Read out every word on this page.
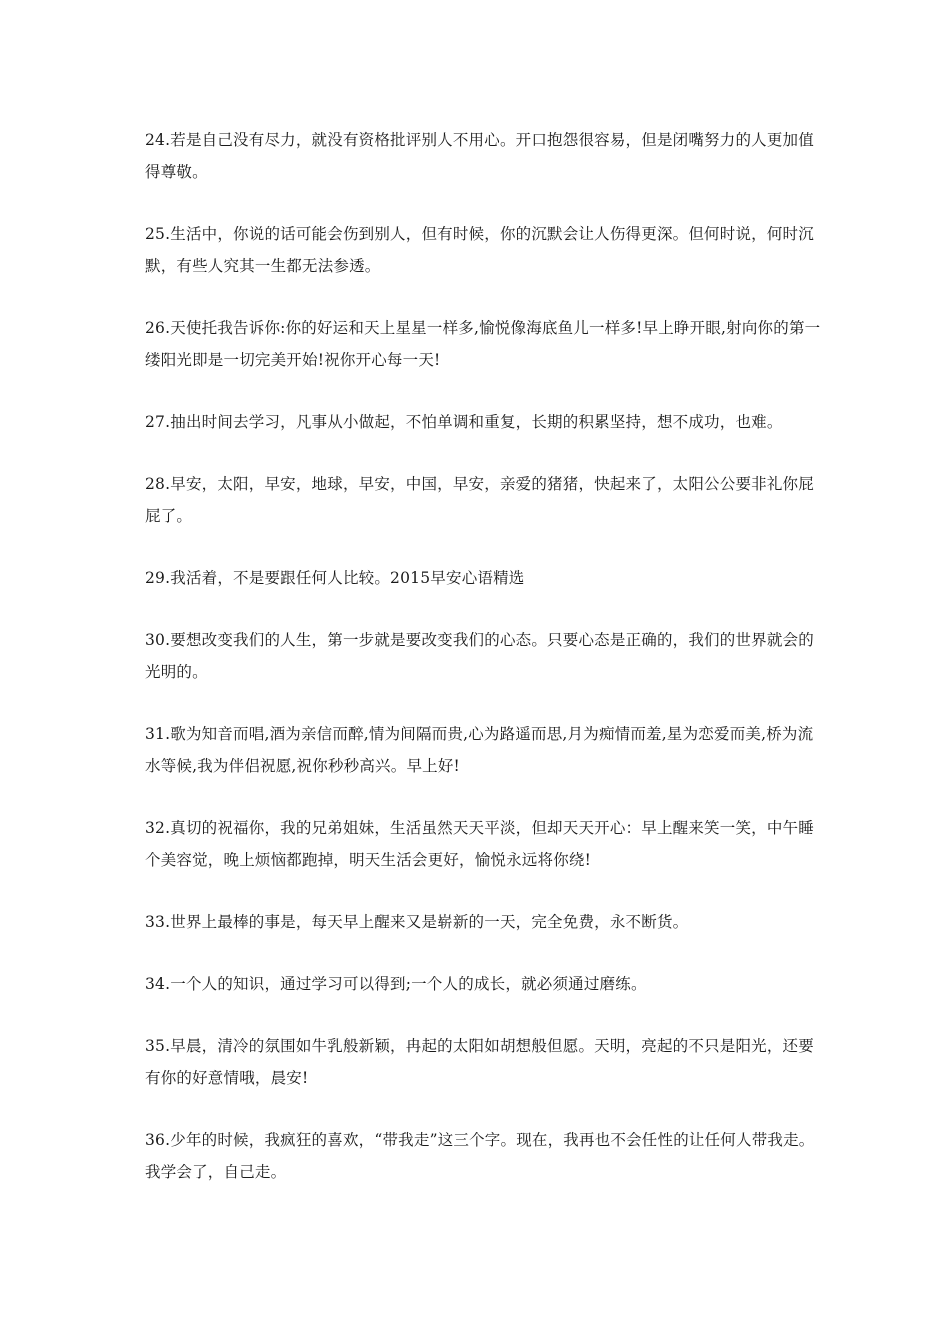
24.若是自己没有尽力，就没有资格批评别人不用心。开口抱怨很容易，但是闭嘴努力的人更加值得尊敬。

25.生活中，你说的话可能会伤到别人，但有时候，你的沉默会让人伤得更深。但何时说，何时沉默，有些人究其一生都无法参透。

26.天使托我告诉你:你的好运和天上星星一样多,愉悦像海底鱼儿一样多!早上睁开眼,射向你的第一缕阳光即是一切完美开始!祝你开心每一天!

27.抽出时间去学习，凡事从小做起，不怕单调和重复，长期的积累坚持，想不成功，也难。

28.早安，太阳，早安，地球，早安，中国，早安，亲爱的猪猪，快起来了，太阳公公要非礼你屁屁了。

29.我活着，不是要跟任何人比较。2015早安心语精选

30.要想改变我们的人生，第一步就是要改变我们的心态。只要心态是正确的，我们的世界就会的光明的。

31.歌为知音而唱,酒为亲信而醉,情为间隔而贵,心为路遥而思,月为痴情而羞,星为恋爱而美,桥为流水等候,我为伴侣祝愿,祝你秒秒高兴。早上好!

32.真切的祝福你，我的兄弟姐妹，生活虽然天天平淡，但却天天开心：早上醒来笑一笑，中午睡个美容觉，晚上烦恼都跑掉，明天生活会更好，愉悦永远将你绕!

33.世界上最棒的事是，每天早上醒来又是崭新的一天，完全免费，永不断货。

34.一个人的知识，通过学习可以得到;一个人的成长，就必须通过磨练。

35.早晨，清冷的氛围如牛乳般新颖，冉起的太阳如胡想般但愿。天明，亮起的不只是阳光，还要有你的好意情哦，晨安!

36.少年的时候，我疯狂的喜欢，“带我走”这三个字。现在，我再也不会任性的让任何人带我走。我学会了，自己走。
